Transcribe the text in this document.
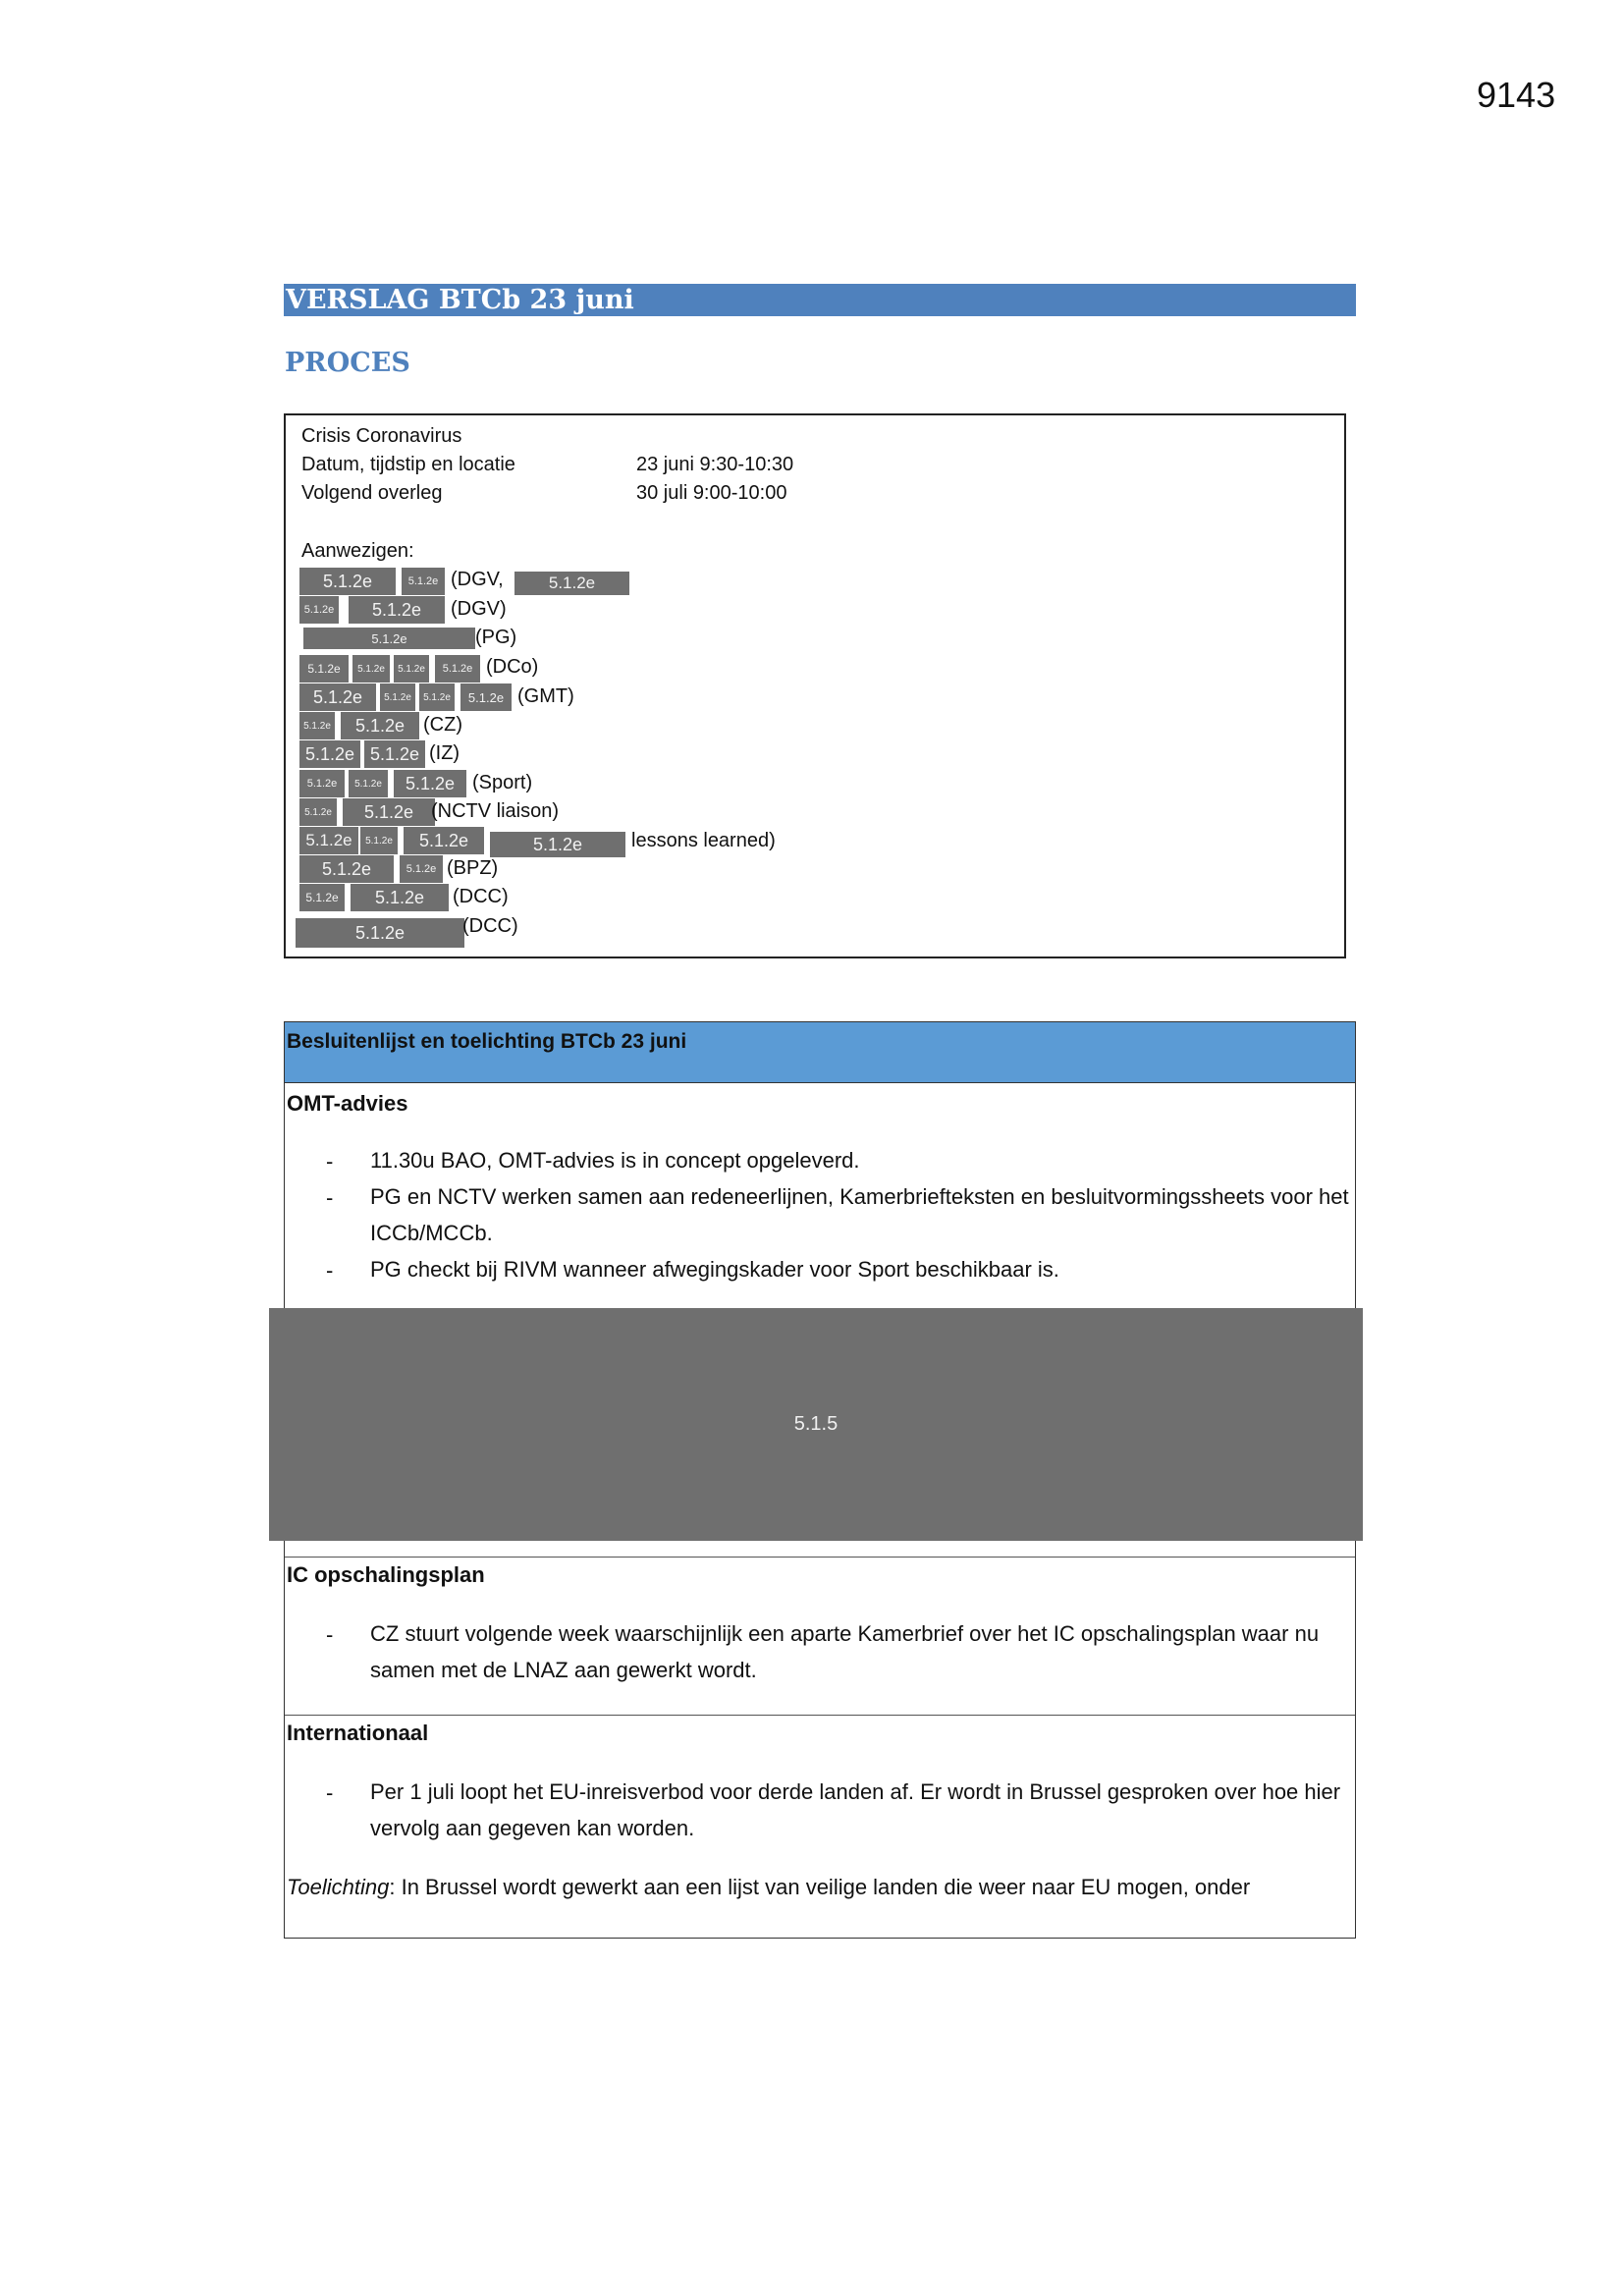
9143
VERSLAG BTCb 23 juni
PROCES
Crisis Coronavirus
Datum, tijdstip en locatie	23 juni 9:30-10:30
Volgend overleg	30 juli 9:00-10:00
Aanwezigen:
5.1.2e	5.1.2e (DGV,	5.1.2e
5.1.2e	5.1.2e	(DGV)
5.1.2e	(PG)
5.1.2e	5.1.2e	5.1.2e	5.1.2e (DCo)
5.1.2e	5.1.2e	5.1.2e	5.1.2e (GMT)
5.1.2e	5.1.2e (CZ)
5.1.2e 5.1.2e (IZ)
5.1.2e	5.1.2e	5.1.2e (Sport)
5.1.2e	5.1.2e (NCTV liaison)
5.1.2e	5.1.2e	5.1.2e	5.1.2e	lessons learned)
5.1.2e	5.1.2e (BPZ)
5.1.2e	5.1.2e	(DCC)
5.1.2e	(DCC)
Besluitenlijst en toelichting BTCb 23 juni
OMT-advies
- 11.30u BAO, OMT-advies is in concept opgeleverd.
- PG en NCTV werken samen aan redeneerlijnen, Kamerbriefteksten en besluitvormingssheets voor het ICCb/MCCb.
- PG checkt bij RIVM wanneer afwegingskader voor Sport beschikbaar is.
IC opschalingsplan
- CZ stuurt volgende week waarschijnlijk een aparte Kamerbrief over het IC opschalingsplan waar nu samen met de LNAZ aan gewerkt wordt.
Internationaal
- Per 1 juli loopt het EU-inreisverbod voor derde landen af. Er wordt in Brussel gesproken over hoe hier vervolg aan gegeven kan worden.
Toelichting: In Brussel wordt gewerkt aan een lijst van veilige landen die weer naar EU mogen, onder
5.1.5
